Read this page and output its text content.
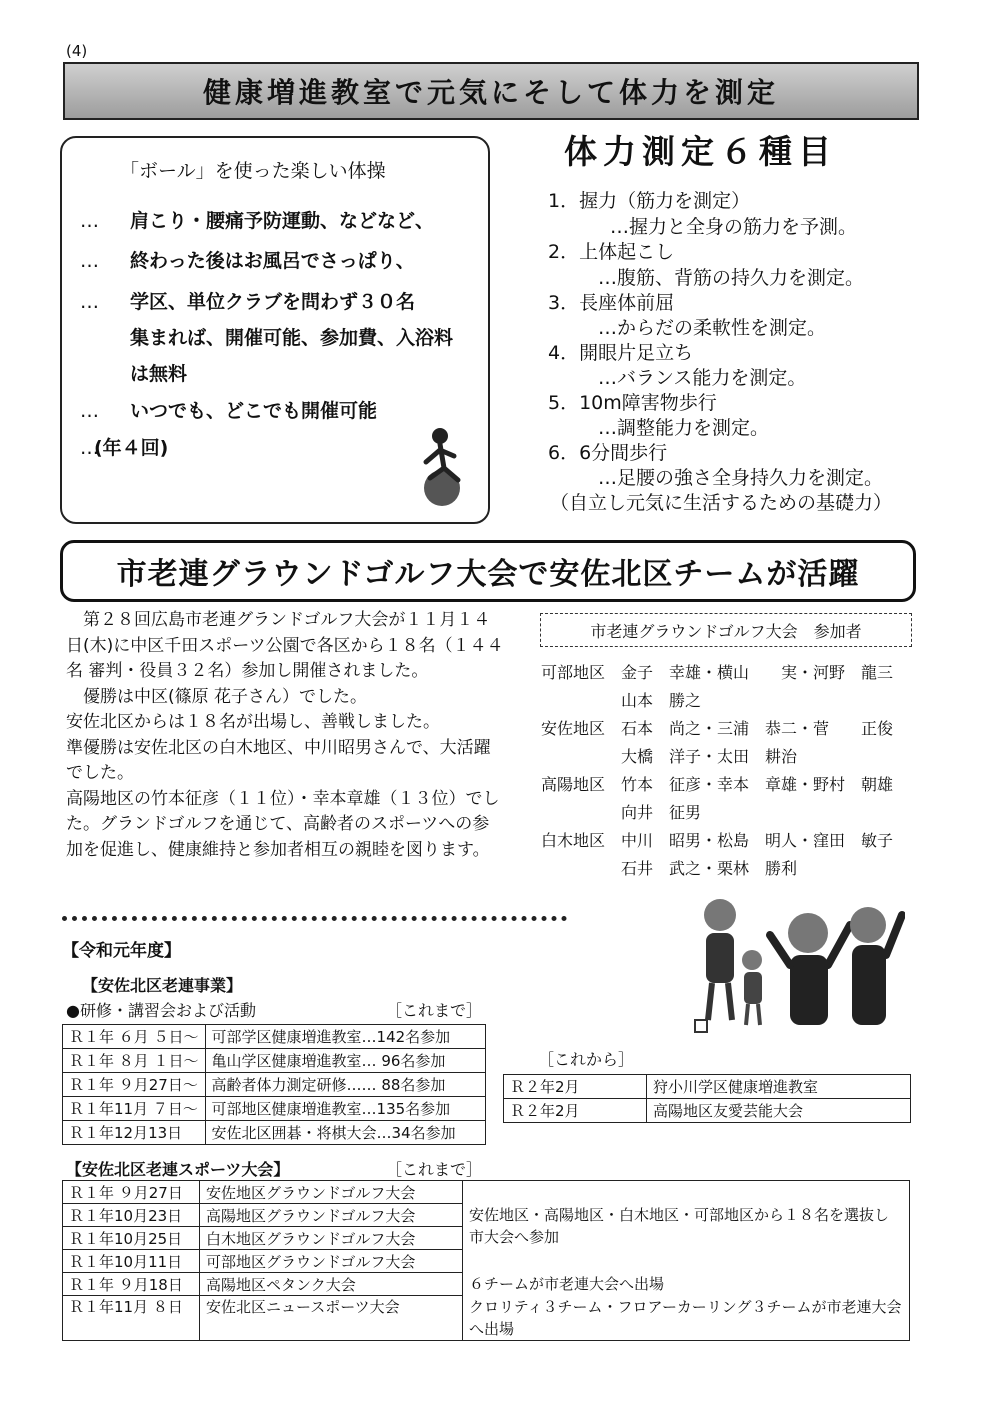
(4)
健康増進教室で元気にそして体力を測定
「ボール」を使った楽しい体操
… 肩こり・腰痛予防運動、などなど、
… 終わった後はお風呂でさっぱり、
… 学区、単位クラブを問わず３０名
集まれば、開催可能、参加費、入浴料
は無料
… いつでも、どこでも開催可能
…(年４回)
体力測定６種目
1．握力（筋力を測定）
…握力と全身の筋力を予測。
2．上体起こし
…腹筋、背筋の持久力を測定。
3．長座体前屈
…からだの柔軟性を測定。
4．開眼片足立ち
…バランス能力を測定。
5．10m障害物歩行
…調整能力を測定。
6．6分間歩行
…足腰の強さ全身持久力を測定。
（自立し元気に生活するための基礎力）
市老連グラウンドゴルフ大会で安佐北区チームが活躍

　第２８回広島市老連グランドゴルフ大会が１１月１４日(木)に中区千田スポーツ公園で各区から１８名（１４４名 審判・役員３２名）参加し開催されました。

　優勝は中区(篠原 花子さん）でした。

安佐北区からは１８名が出場し、善戦しました。

準優勝は安佐北区の白木地区、中川昭男さんで、大活躍でした。

高陽地区の竹本征彦（１１位）・幸本章雄（１３位）でした。グランドゴルフを通じて、高齢者のスポーツへの参加を促進し、健康維持と参加者相互の親睦を図ります。

市老連グラウンドゴルフ大会　参加者
可部地区　金子　幸雄・横山　　実・河野　龍三
　　　　　山本　勝之
安佐地区　石本　尚之・三浦　恭二・菅　　正俊
　　　　　大橋　洋子・太田　耕治
高陽地区　竹本　征彦・幸本　章雄・野村　朝雄
　　　　　向井　征男
白木地区　中川　昭男・松島　明人・窪田　敏子
　　　　　石井　武之・栗林　勝利
【令和元年度】
【安佐北区老連事業】
●研修・講習会および活動	［これまで］
Ｒ１年 ６月 ５日～	可部学区健康増進教室…142名参加
Ｒ１年 ８月 １日～	亀山学区健康増進教室… 96名参加
Ｒ１年 ９月27日～	高齢者体力測定研修…… 88名参加
Ｒ１年11月 ７日～	可部地区健康増進教室…135名参加
Ｒ１年12月13日	安佐北区囲碁・将棋大会…34名参加
［これから］
Ｒ２年2月	狩小川学区健康増進教室
Ｒ２年2月	高陽地区友愛芸能大会
【安佐北区老連スポーツ大会】	［これまで］
Ｒ１年 ９月27日	安佐地区グラウンドゴルフ大会	
Ｒ１年10月23日	高陽地区グラウンドゴルフ大会	安佐地区・高陽地区・白木地区・可部地区から１８名を選抜し市大会へ参加
Ｒ１年10月25日	白木地区グラウンドゴルフ大会	
Ｒ１年10月11日	可部地区グラウンドゴルフ大会	
Ｒ１年 ９月18日	高陽地区ペタンク大会	６チームが市老連大会へ出場
Ｒ１年11月 ８日	安佐北区ニュースポーツ大会	クロリティ３チーム・フロアーカーリング３チームが市老連大会へ出場
